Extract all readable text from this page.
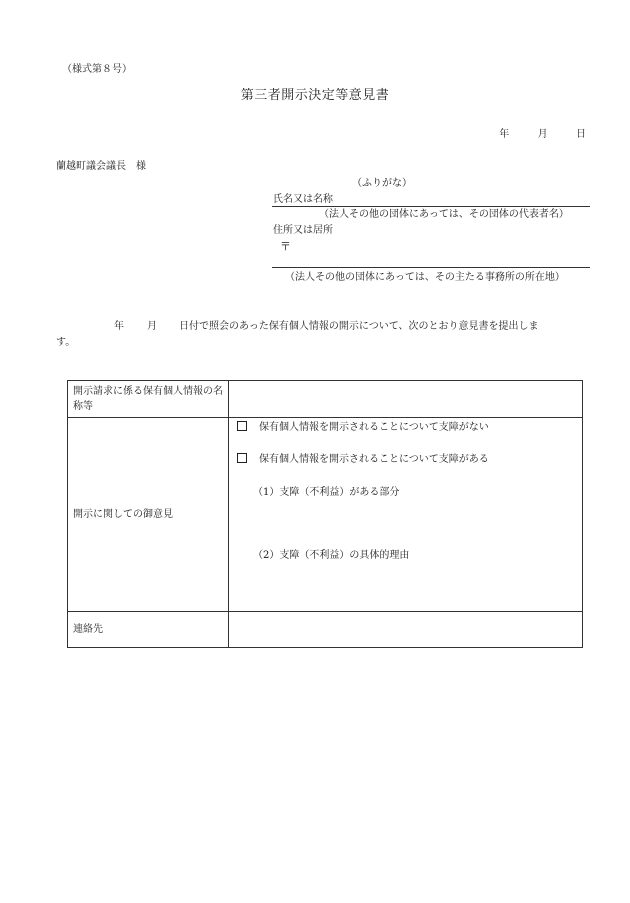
（様式第８号）
第三者開示決定等意見書
年	月	日
蘭越町議会議長　様
（ふりがな）
氏名又は名称
（法人その他の団体にあっては、その団体の代表者名）
住所又は居所
〒
（法人その他の団体にあっては、その主たる事務所の所在地）
年 月 日付で照会のあった保有個人情報の開示について、次のとおり意見書を提出しま
す。
開示請求に係る保有個人情報の名称等	

開示に関しての御意見	保有個人情報を開示されることについて支障がない
保有個人情報を開示されることについて支障がある
（1）支障（不利益）がある部分
（2）支障（不利益）の具体的理由

連絡先	
